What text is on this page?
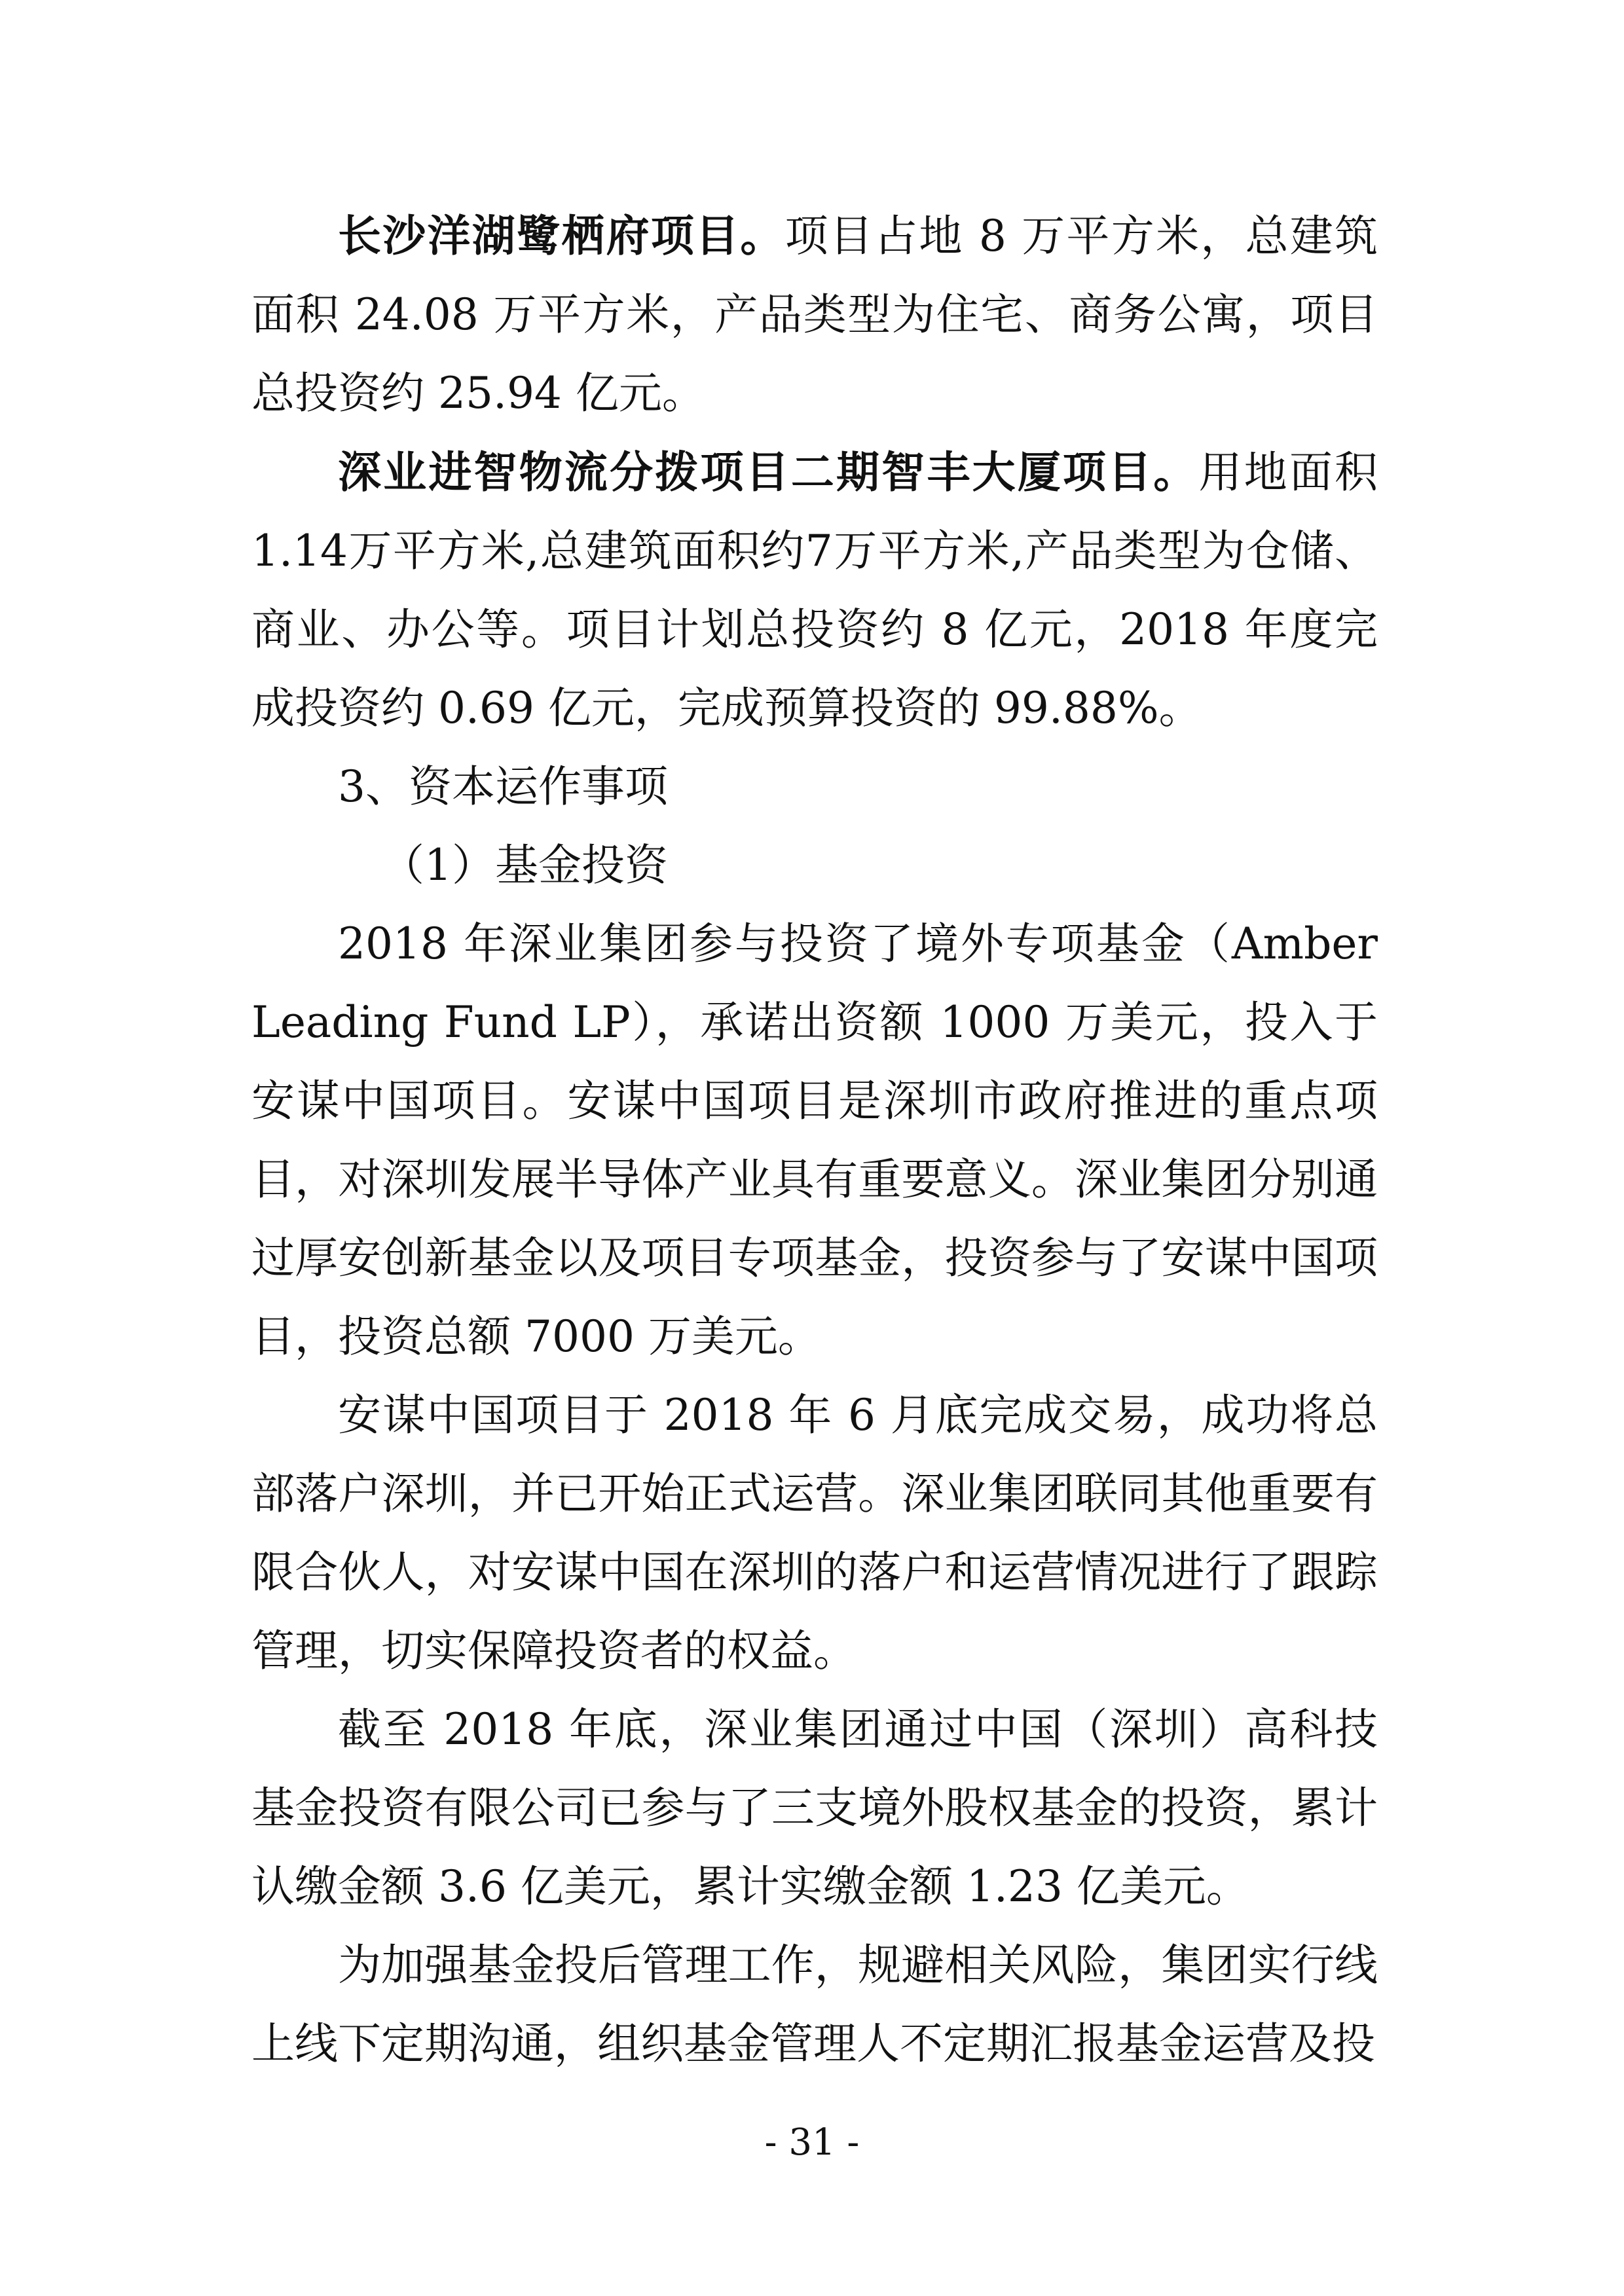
长沙洋湖鹭栖府项目。项目占地 8 万平方米，总建筑面积 24.08 万平方米，产品类型为住宅、商务公寓，项目总投资约 25.94 亿元。

深业进智物流分拨项目二期智丰大厦项目。用地面积 1.14万平方米,总建筑面积约7万平方米,产品类型为仓储、商业、办公等。项目计划总投资约 8 亿元，2018 年度完成投资约 0.69 亿元，完成预算投资的 99.88%。

3、资本运作事项

（1）基金投资

2018 年深业集团参与投资了境外专项基金（Amber Leading Fund LP），承诺出资额 1000 万美元，投入于安谋中国项目。安谋中国项目是深圳市政府推进的重点项目，对深圳发展半导体产业具有重要意义。深业集团分别通过厚安创新基金以及项目专项基金，投资参与了安谋中国项目，投资总额 7000 万美元。

安谋中国项目于 2018 年 6 月底完成交易，成功将总部落户深圳，并已开始正式运营。深业集团联同其他重要有限合伙人，对安谋中国在深圳的落户和运营情况进行了跟踪管理，切实保障投资者的权益。

截至 2018 年底，深业集团通过中国（深圳）高科技基金投资有限公司已参与了三支境外股权基金的投资，累计认缴金额 3.6 亿美元，累计实缴金额 1.23 亿美元。

为加强基金投后管理工作，规避相关风险，集团实行线上线下定期沟通，组织基金管理人不定期汇报基金运营及投

- 31 -
